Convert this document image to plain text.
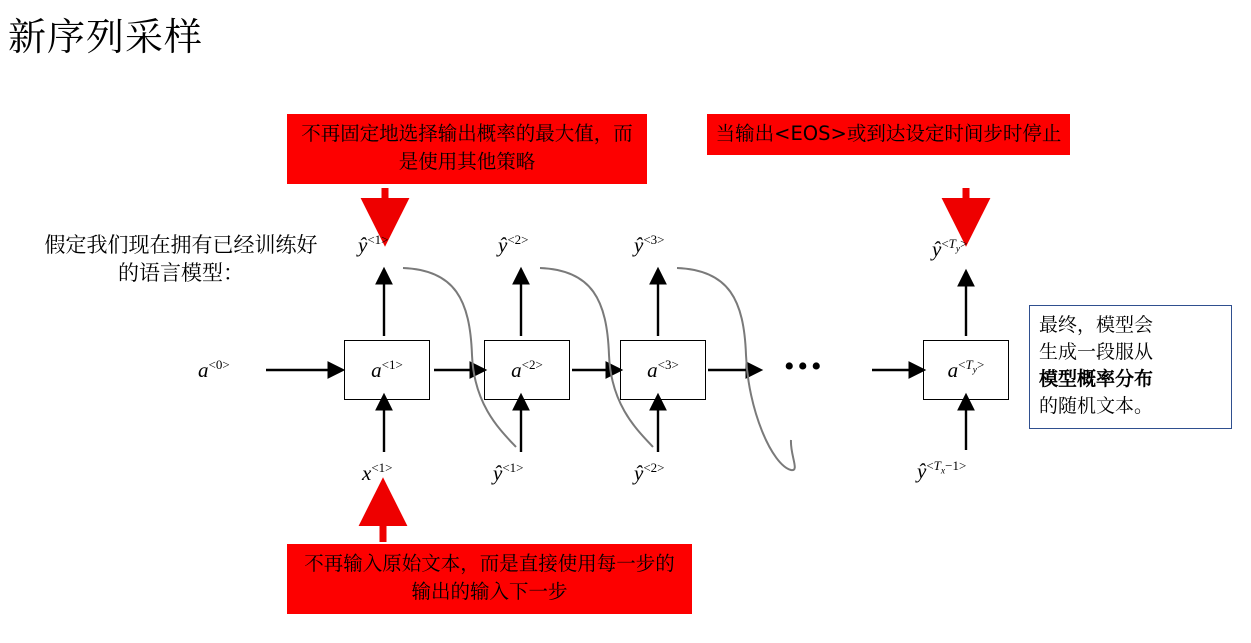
新序列采样
假定我们现在拥有已经训练好的语言模型：
不再固定地选择输出概率的最大值，而是使用其他策略
当输出<EOS>或到达设定时间步时停止
不再输入原始文本，而是直接使用每一步的输出的输入下一步
最终，模型会
生成一段服从
模型概率分布
的随机文本。
$a^{<1>}$	$a^{<2>}$	$a^{<3>}$	$a^{<T_y>}$
•••
$a^{<0>}$
$ŷ^{<1>}$	$ŷ^{<2>}$	$ŷ^{<3>}$	$ŷ^{<T_y>}$
$x^{<1>}$	$ŷ^{<1>}$	$ŷ^{<2>}$	$ŷ^{<T_x-1>}$
